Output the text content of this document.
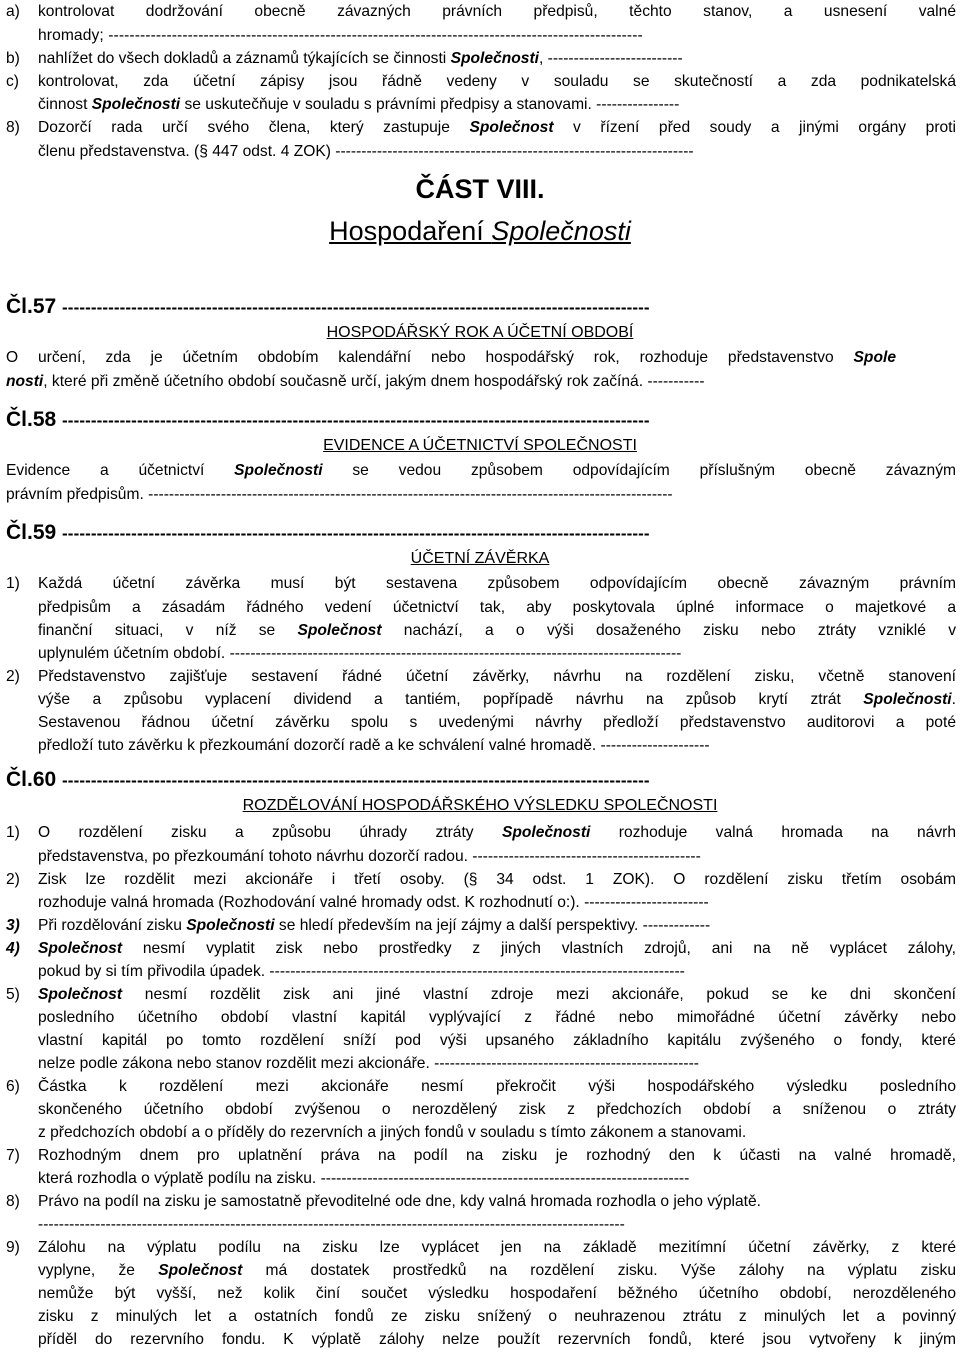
a) kontrolovat dodržování obecně závazných právních předpisů, těchto stanov, a usnesení valné
hromady; -----------------------------------------------------------------------------------------------------
b) nahlížet do všech dokladů a záznamů týkajících se činnosti Společnosti, --------------------------
c) kontrolovat, zda účetní zápisy jsou řádně vedeny v souladu se skutečností a zda podnikatelská
činnost Společnosti se uskutečňuje v souladu s právními předpisy a stanovami. ----------------
8) Dozorčí rada určí svého člena, který zastupuje Společnost v řízení před soudy a jinými orgány proti
členu představenstva. (§ 447 odst. 4 ZOK) ---------------------------------------------------------------------
ČÁST VIII.
Hospodaření Společnosti
Čl.57 ------------------------------------------------------------------------------------------------------
HOSPODÁŘSKÝ ROK A ÚČETNÍ OBDOBÍ
O určení, zda je účetním obdobím kalendářní nebo hospodářský rok, rozhoduje představenstvo Spole
nosti, které při změně účetního období současně určí, jakým dnem hospodářský rok začíná. -----------
Čl.58 ------------------------------------------------------------------------------------------------------
EVIDENCE A ÚČETNICTVÍ SPOLEČNOSTI
Evidence a účetnictví Společnosti se vedou způsobem odpovídajícím příslušným obecně závazným
právním předpisům. -----------------------------------------------------------------------------------------------------
Čl.59 ------------------------------------------------------------------------------------------------------
ÚČETNÍ ZÁVĚRKA
1) Každá účetní závěrka musí být sestavena způsobem odpovídajícím obecně závazným právním
předpisům a zásadám řádného vedení účetnictví tak, aby poskytovala úplné informace o majetkové a
finanční situaci, v níž se Společnost nachází, a o výši dosaženého zisku nebo ztráty vzniklé v
uplynulém účetním období. ---------------------------------------------------------------------------------------
2) Představenstvo zajišťuje sestavení řádné účetní závěrky, návrhu na rozdělení zisku, včetně stanovení
výše a způsobu vyplacení dividend a tantiém, popřípadě návrhu na způsob krytí ztrát Společnosti.
Sestavenou řádnou účetní závěrku spolu s uvedenými návrhy předloží představenstvo auditorovi a poté
předloží tuto závěrku k přezkoumání dozorčí radě a ke schválení valné hromadě. ---------------------
Čl.60 ------------------------------------------------------------------------------------------------------
ROZDĚLOVÁNÍ HOSPODÁŘSKÉHO VÝSLEDKU SPOLEČNOSTI
1) O rozdělení zisku a způsobu úhrady ztráty Společnosti rozhoduje valná hromada na návrh
představenstva, po přezkoumání tohoto návrhu dozorčí radou. --------------------------------------------
2) Zisk lze rozdělit mezi akcionáře i třetí osoby. (§ 34 odst. 1 ZOK). O rozdělení zisku třetím osobám
rozhoduje valná hromada (Rozhodování valné hromady odst. K rozhodnutí o:). ------------------------
3) Při rozdělování zisku Společnosti se hledí především na její zájmy a další perspektivy. -------------
4) Společnost nesmí vyplatit zisk nebo prostředky z jiných vlastních zdrojů, ani na ně vyplácet zálohy,
pokud by si tím přivodila úpadek. --------------------------------------------------------------------------------
5) Společnost nesmí rozdělit zisk ani jiné vlastní zdroje mezi akcionáře, pokud se ke dni skončení
posledního účetního období vlastní kapitál vyplývající z řádné nebo mimořádné účetní závěrky nebo
vlastní kapitál po tomto rozdělení sníží pod výši upsaného základního kapitálu zvýšeného o fondy, které
nelze podle zákona nebo stanov rozdělit mezi akcionáře. ---------------------------------------------------
6) Částka k rozdělení mezi akcionáře nesmí překročit výši hospodářského výsledku posledního
skončeného účetního období zvýšenou o nerozdělený zisk z předchozích období a sníženou o ztráty
z předchozích období a o příděly do rezervních a jiných fondů v souladu s tímto zákonem a stanovami.
7) Rozhodným dnem pro uplatnění práva na podíl na zisku je rozhodný den k účasti na valné hromadě,
která rozhodla o výplatě podílu na zisku. -----------------------------------------------------------------------
8) Právo na podíl na zisku je samostatně převoditelné ode dne, kdy valná hromada rozhodla o jeho výplatě.
-----------------------------------------------------------------------------------------------------------------
9) Zálohu na výplatu podílu na zisku lze vyplácet jen na základě mezitímní účetní závěrky, z které
vyplyne, že Společnost má dostatek prostředků na rozdělení zisku. Výše zálohy na výplatu zisku
nemůže být vyšší, než kolik činí součet výsledku hospodaření běžného účetního období, nerozděleného
zisku z minulých let a ostatních fondů ze zisku snížený o neuhrazenou ztrátu z minulých let a povinný
příděl do rezervního fondu. K výplatě zálohy nelze použít rezervních fondů, které jsou vytvořeny k jiným
